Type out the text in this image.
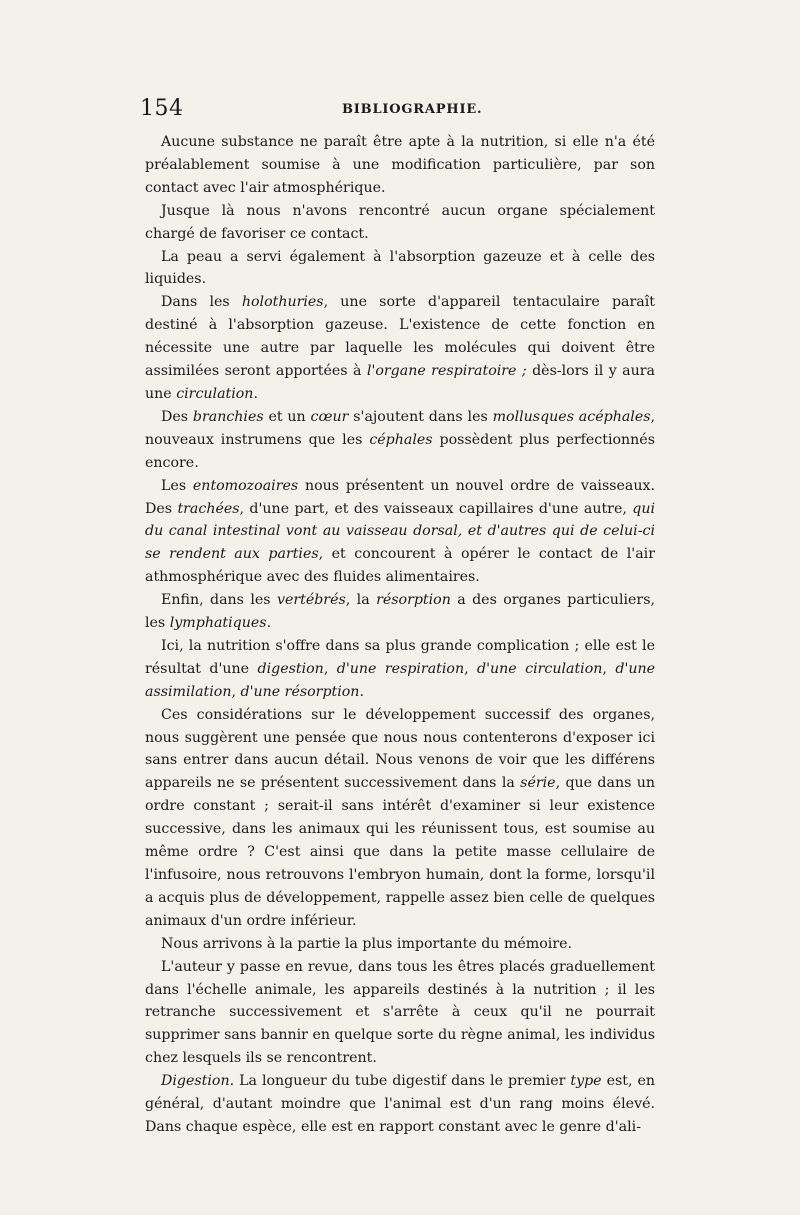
154	BIBLIOGRAPHIE.

Aucune substance ne paraît être apte à la nutrition, si elle n'a été préalablement soumise à une modification particulière, par son contact avec l'air atmosphérique.

Jusque là nous n'avons rencontré aucun organe spécialement chargé de favoriser ce contact.

La peau a servi également à l'absorption gazeuze et à celle des liquides.

Dans les holothuries, une sorte d'appareil tentaculaire paraît destiné à l'absorption gazeuse. L'existence de cette fonction en nécessite une autre par laquelle les molécules qui doivent être assimilées seront apportées à l'organe respiratoire ; dès-lors il y aura une circulation.

Des branchies et un cœur s'ajoutent dans les mollusques acéphales, nouveaux instrumens que les céphales possèdent plus perfectionnés encore.

Les entomozoaires nous présentent un nouvel ordre de vaisseaux. Des trachées, d'une part, et des vaisseaux capillaires d'une autre, qui du canal intestinal vont au vaisseau dorsal, et d'autres qui de celui-ci se rendent aux parties, et concourent à opérer le contact de l'air athmosphérique avec des fluides alimentaires.

Enfin, dans les vertébrés, la résorption a des organes particuliers, les lymphatiques.

Ici, la nutrition s'offre dans sa plus grande complication ; elle est le résultat d'une digestion, d'une respiration, d'une circulation, d'une assimilation, d'une résorption.

Ces considérations sur le développement successif des organes, nous suggèrent une pensée que nous nous contenterons d'exposer ici sans entrer dans aucun détail. Nous venons de voir que les différens appareils ne se présentent successivement dans la série, que dans un ordre constant ; serait-il sans intérêt d'examiner si leur existence successive, dans les animaux qui les réunissent tous, est soumise au même ordre ? C'est ainsi que dans la petite masse cellulaire de l'infusoire, nous retrouvons l'embryon humain, dont la forme, lorsqu'il a acquis plus de développement, rappelle assez bien celle de quelques animaux d'un ordre inférieur.

Nous arrivons à la partie la plus importante du mémoire.

L'auteur y passe en revue, dans tous les êtres placés graduellement dans l'échelle animale, les appareils destinés à la nutrition ; il les retranche successivement et s'arrête à ceux qu'il ne pourrait supprimer sans bannir en quelque sorte du règne animal, les individus chez lesquels ils se rencontrent.

Digestion. La longueur du tube digestif dans le premier type est, en général, d'autant moindre que l'animal est d'un rang moins élevé. Dans chaque espèce, elle est en rapport constant avec le genre d'ali-
